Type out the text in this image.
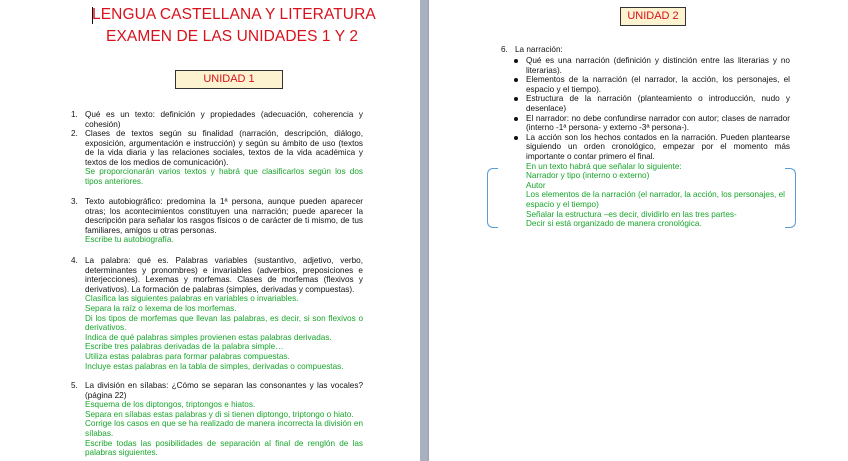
LENGUA CASTELLANA Y LITERATURA
EXAMEN DE LAS UNIDADES 1 Y 2
UNIDAD 1
1. Qué es un texto: definición y propiedades (adecuación, coherencia y cohesión)

2. Clases de textos según su finalidad (narración, descripción, diálogo, exposición, argumentación e instrucción) y según su ámbito de uso (textos de la vida diaria y las relaciones sociales, textos de la vida académica y textos de los medios de comunicación).

Se proporcionarán varios textos y habrá que clasificarlos según los dos tipos anteriores.

3. Texto autobiográfico: predomina la 1ª persona, aunque pueden aparecer otras; los acontecimientos constituyen una narración; puede aparecer la descripción para señalar los rasgos físicos o de carácter de ti mismo, de tus familiares, amigos u otras personas.

Escribe tu autobiografía.

4. La palabra: qué es. Palabras variables (sustantivo, adjetivo, verbo, determinantes y pronombres) e invariables (adverbios, preposiciones e interjecciones). Lexemas y morfemas. Clases de morfemas (flexivos y derivativos). La formación de palabras (simples, derivadas y compuestas).

Clasifica las siguientes palabras en variables o invariables.

Separa la raíz o lexema de los morfemas.

Di los tipos de morfemas que llevan las palabras, es decir, si son flexivos o derivativos.

Indica de qué palabras simples provienen estas palabras derivadas.

Escribe tres palabras derivadas de la palabra simple…

Utiliza estas palabras para formar palabras compuestas.

Incluye estas palabras en la tabla de simples, derivadas o compuestas.

5. La división en sílabas: ¿Cómo se separan las consonantes y las vocales? (página 22)

Esquema de los diptongos, triptongos e hiatos.

Separa en sílabas estas palabras y di si tienen diptongo, triptongo o hiato.

Corrige los casos en que se ha realizado de manera incorrecta la división en sílabas.

Escribe todas las posibilidades de separación al final de renglón de las palabras siguientes.

UNIDAD 2
6. La narración:

Qué es una narración (definición y distinción entre las literarias y no literarias).
Elementos de la narración (el narrador, la acción, los personajes, el espacio y el tiempo).
Estructura de la narración (planteamiento o introducción, nudo y desenlace)
El narrador: no debe confundirse narrador con autor; clases de narrador (interno -1ª persona- y externo -3ª persona-).
La acción son los hechos contados en la narración. Pueden plantearse siguiendo un orden cronológico, empezar por el momento más importante o contar primero el final.
En un texto habrá que señalar lo siguiente:
Narrador y tipo (interno o externo)
Autor
Los elementos de la narración (el narrador, la acción, los personajes, el espacio y el tiempo)
Señalar la estructura –es decir, dividirlo en las tres partes-
Decir si está organizado de manera cronológica.
